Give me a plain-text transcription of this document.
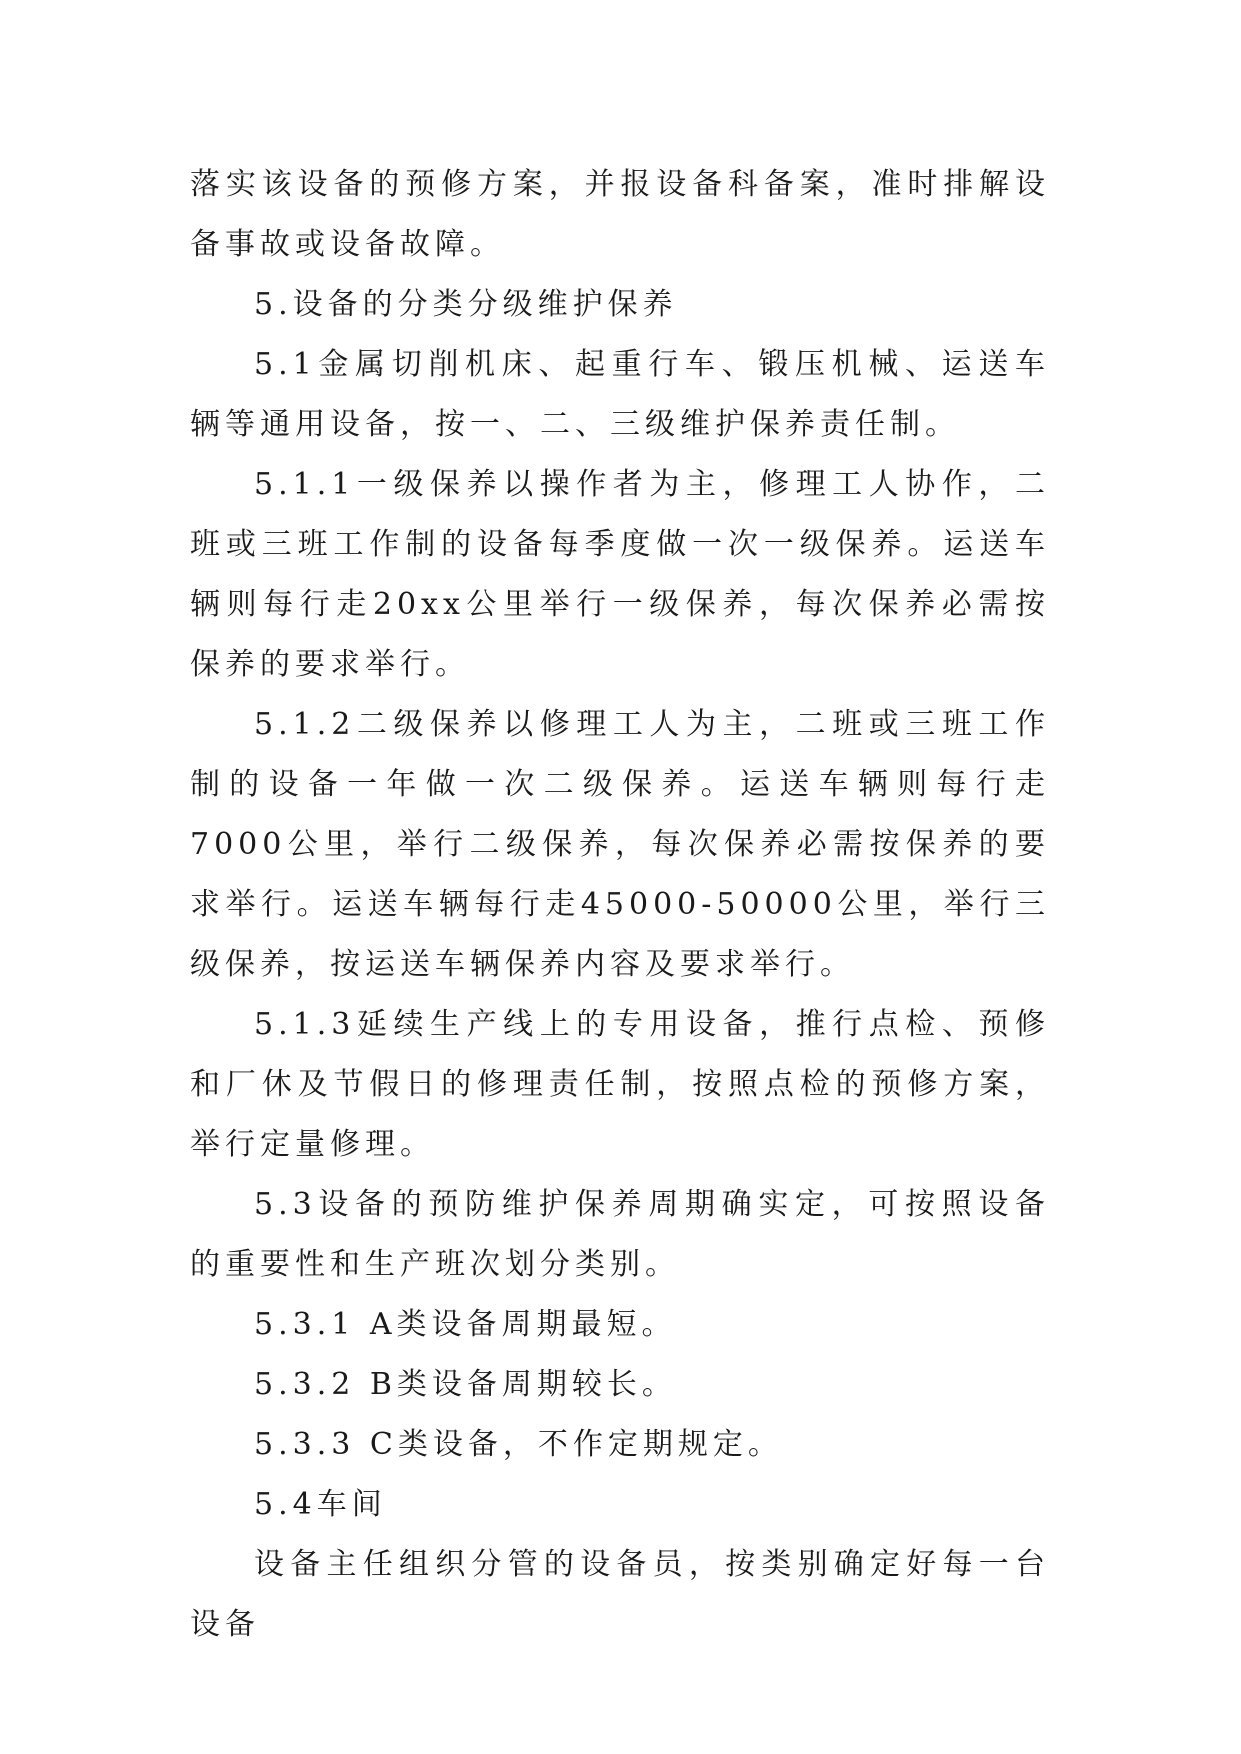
落实该设备的预修方案，并报设备科备案，准时排解设备事故或设备故障。

5.设备的分类分级维护保养

5.1金属切削机床、起重行车、锻压机械、运送车辆等通用设备，按一、二、三级维护保养责任制。

5.1.1一级保养以操作者为主，修理工人协作，二班或三班工作制的设备每季度做一次一级保养。运送车辆则每行走20xx公里举行一级保养，每次保养必需按保养的要求举行。

5.1.2二级保养以修理工人为主，二班或三班工作制的设备一年做一次二级保养。运送车辆则每行走7000公里，举行二级保养，每次保养必需按保养的要求举行。运送车辆每行走45000-50000公里，举行三级保养，按运送车辆保养内容及要求举行。

5.1.3延续生产线上的专用设备，推行点检、预修和厂休及节假日的修理责任制，按照点检的预修方案，举行定量修理。

5.3设备的预防维护保养周期确实定，可按照设备的重要性和生产班次划分类别。

5.3.1 A类设备周期最短。

5.3.2 B类设备周期较长。

5.3.3 C类设备，不作定期规定。

5.4车间

设备主任组织分管的设备员，按类别确定好每一台设备
